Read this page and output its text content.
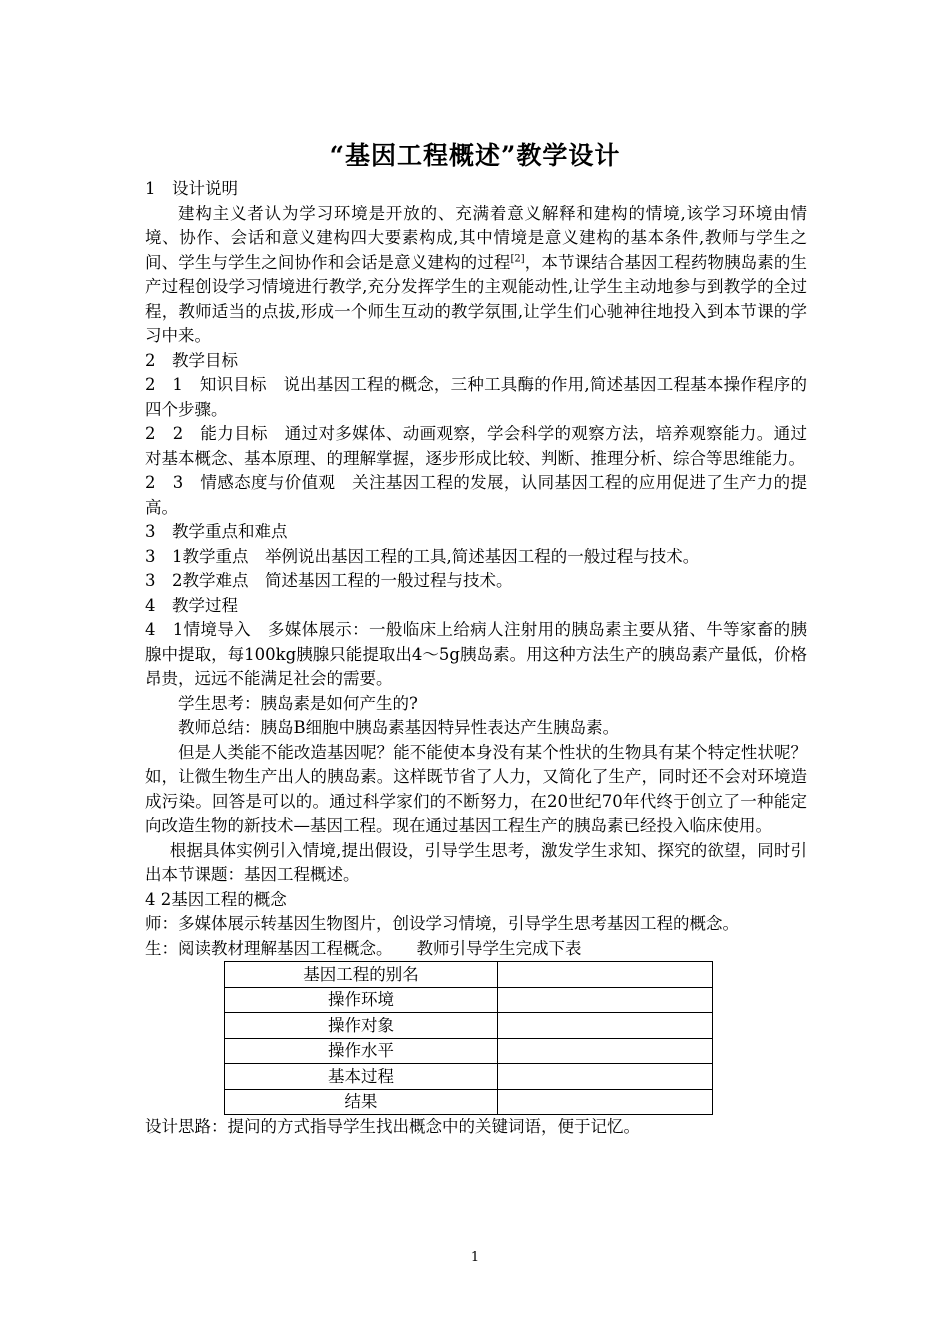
“基因工程概述”教学设计

1　设计说明

建构主义者认为学习环境是开放的、充满着意义解释和建构的情境,该学习环境由情境、协作、会话和意义建构四大要素构成,其中情境是意义建构的基本条件,教师与学生之间、学生与学生之间协作和会话是意义建构的过程[2]，本节课结合基因工程药物胰岛素的生产过程创设学习情境进行教学,充分发挥学生的主观能动性,让学生主动地参与到教学的全过程，教师适当的点拔,形成一个师生互动的教学氛围,让学生们心驰神往地投入到本节课的学习中来。

2　教学目标

2　1　知识目标　说出基因工程的概念，三种工具酶的作用,简述基因工程基本操作程序的四个步骤。

2　2　能力目标　通过对多媒体、动画观察，学会科学的观察方法，培养观察能力。通过对基本概念、基本原理、的理解掌握，逐步形成比较、判断、推理分析、综合等思维能力。

2　3　情感态度与价值观　关注基因工程的发展，认同基因工程的应用促进了生产力的提高。

3　教学重点和难点

3　1教学重点　举例说出基因工程的工具,简述基因工程的一般过程与技术。

3　2教学难点　简述基因工程的一般过程与技术。

4　教学过程

4　1情境导入　多媒体展示：一般临床上给病人注射用的胰岛素主要从猪、牛等家畜的胰腺中提取，每100kg胰腺只能提取出4～5g胰岛素。用这种方法生产的胰岛素产量低，价格昂贵，远远不能满足社会的需要。

学生思考：胰岛素是如何产生的?

教师总结：胰岛B细胞中胰岛素基因特异性表达产生胰岛素。

但是人类能不能改造基因呢？能不能使本身没有某个性状的生物具有某个特定性状呢？如，让微生物生产出人的胰岛素。这样既节省了人力，又简化了生产，同时还不会对环境造成污染。回答是可以的。通过科学家们的不断努力，在20世纪70年代终于创立了一种能定向改造生物的新技术—基因工程。现在通过基因工程生产的胰岛素已经投入临床使用。

根据具体实例引入情境,提出假设，引导学生思考，激发学生求知、探究的欲望，同时引出本节课题：基因工程概述。

4 2基因工程的概念

师：多媒体展示转基因生物图片，创设学习情境，引导学生思考基因工程的概念。

生：阅读教材理解基因工程概念。 教师引导学生完成下表

基因工程的别名	
操作环境	
操作对象	
操作水平	
基本过程	
结果	

设计思路：提问的方式指导学生找出概念中的关键词语，便于记忆。

1
